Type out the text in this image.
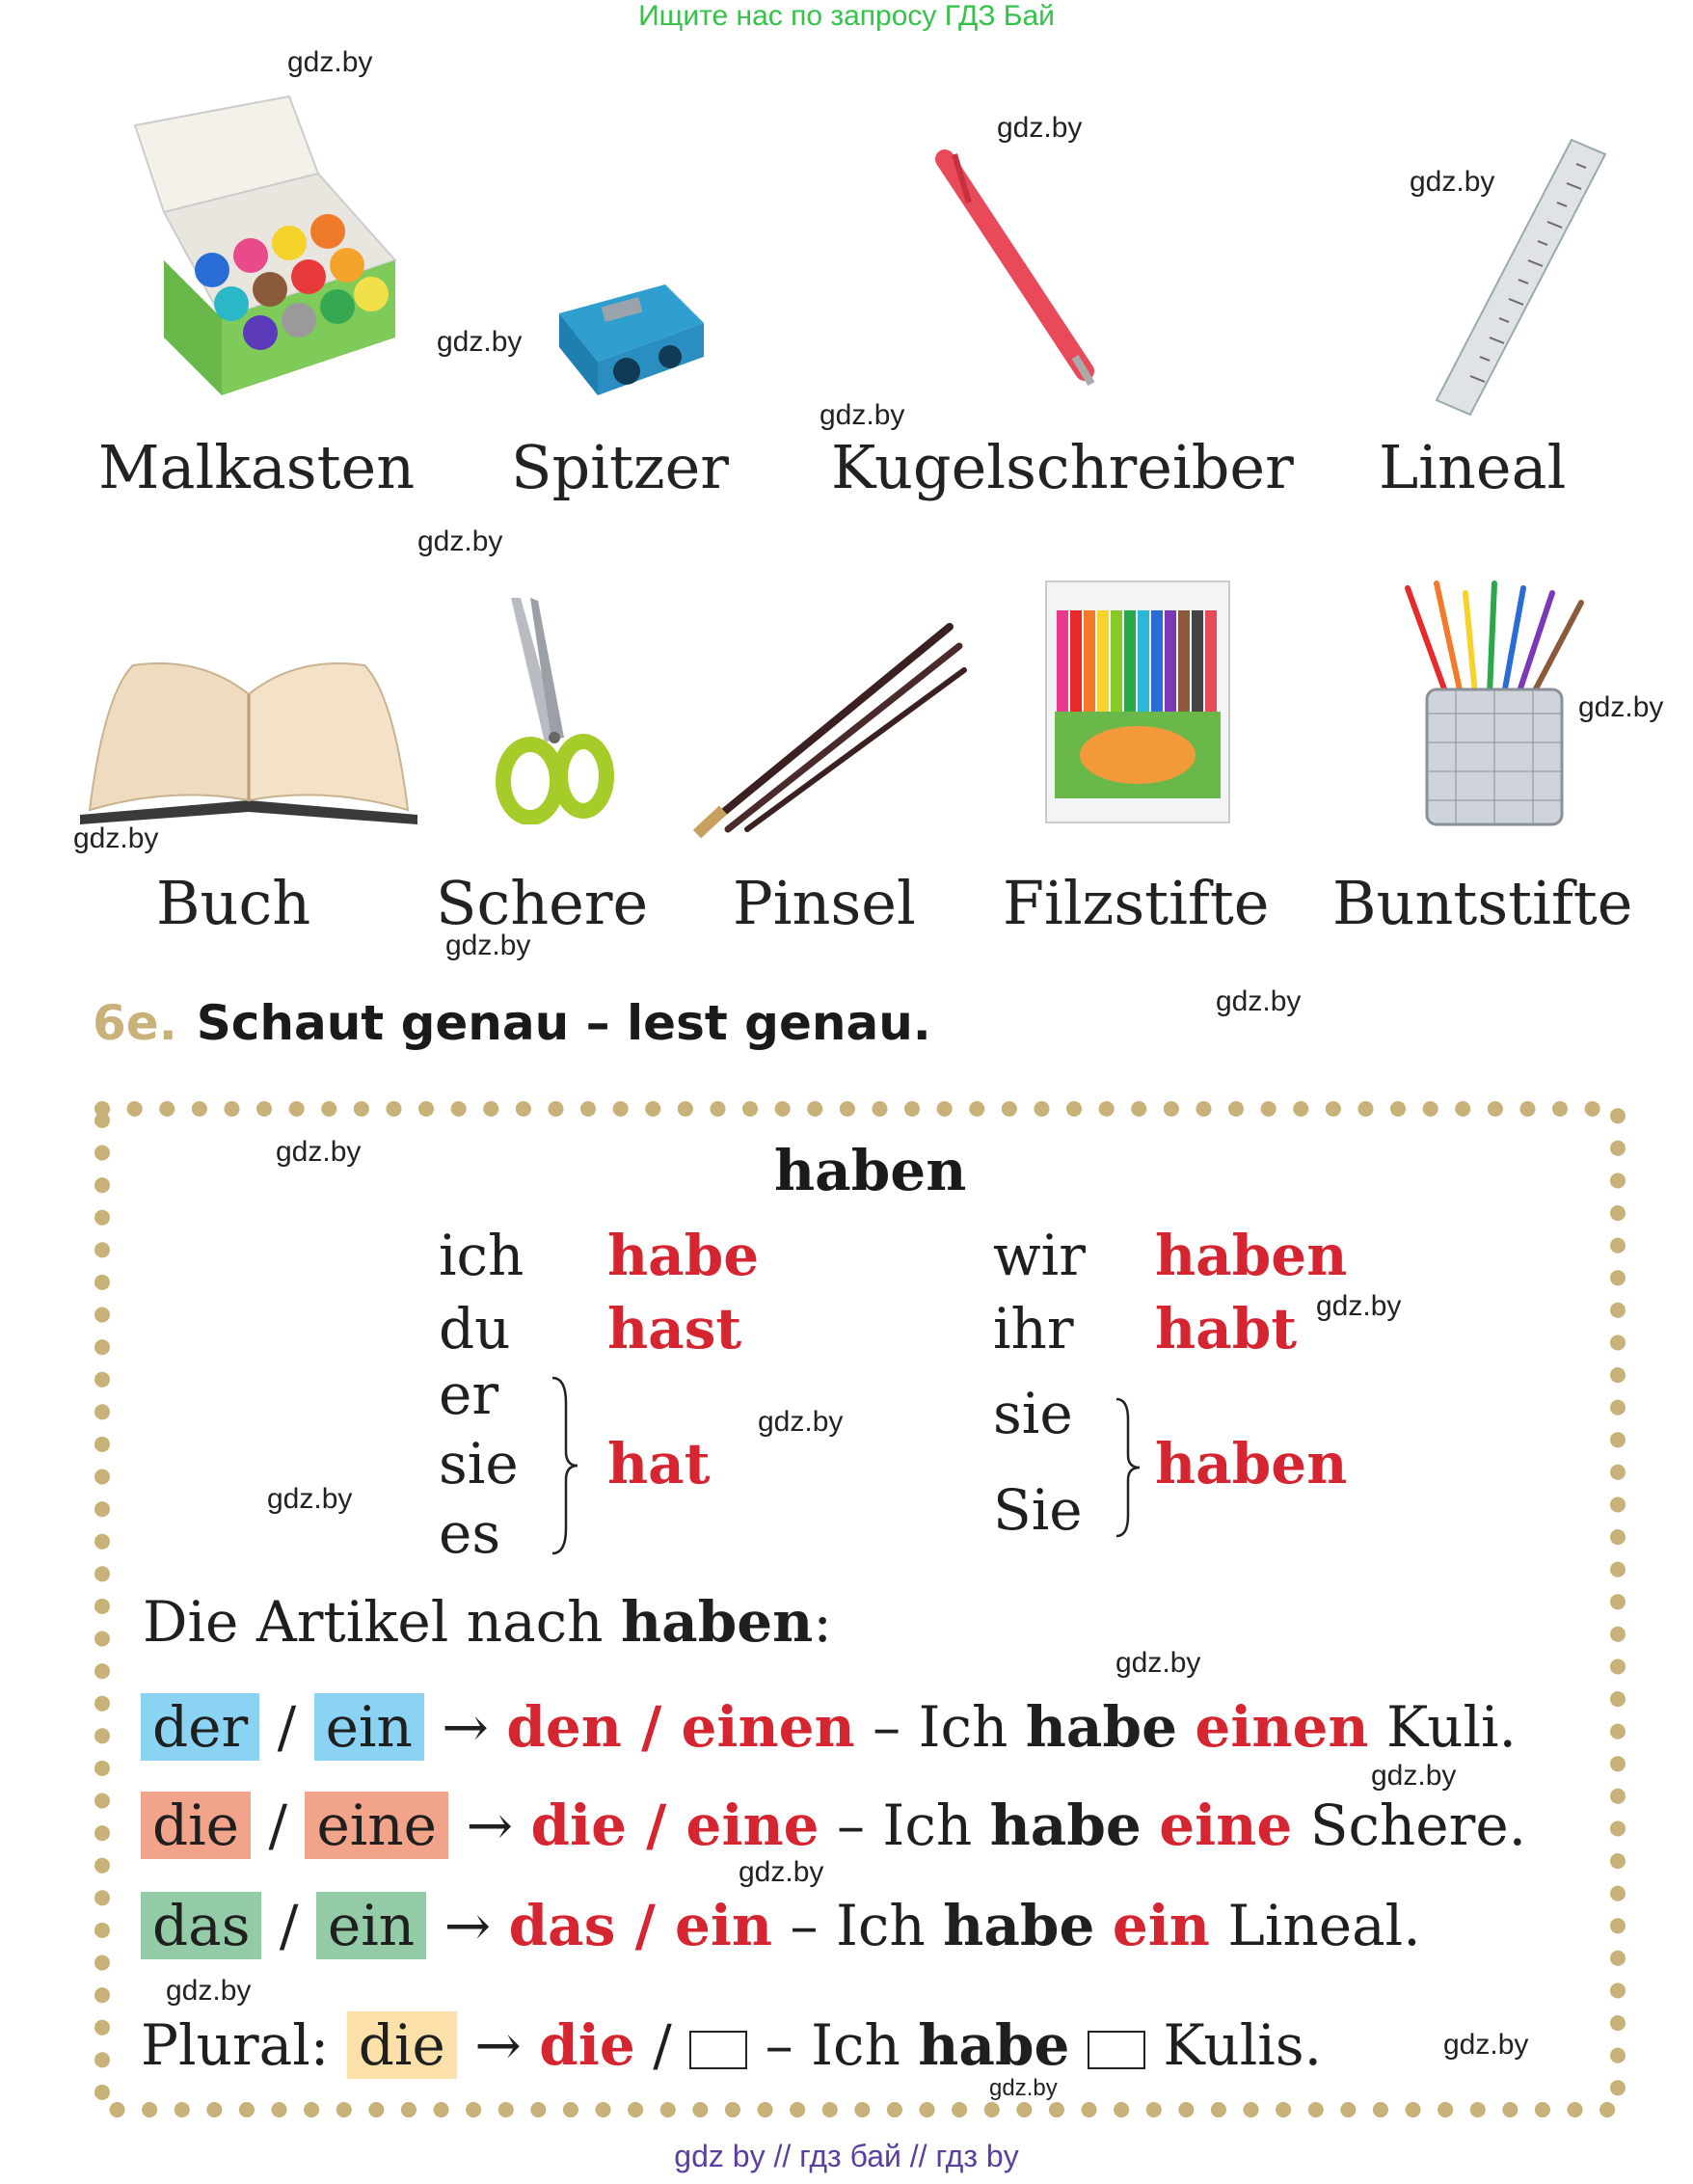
Ищите нас по запросу ГДЗ Бай
Malkasten Spitzer Kugelschreiber Lineal
Buch Schere Pinsel Filzstifte Buntstifte
6e. Schaut genau – lest genau.
haben
ich habe
du hast
er
sie
es
hat
wir haben
ihr habt
sie
Sie
haben
Die Artikel nach haben:
der / ein → den / einen – Ich habe einen Kuli.
die / eine → die / eine – Ich habe eine Schere.
das / ein → das / ein – Ich habe ein Lineal.
Plural: die → die / – Ich habe  Kulis.
gdz.by
gdz.by
gdz.by
gdz.by
gdz.by
gdz.by
gdz.by
gdz.by
gdz.by
gdz.by
gdz.by
gdz.by
gdz.by
gdz.by
gdz.by
gdz.by
gdz.by
gdz.by
gdz.by
gdz.by
gdz by // гдз бай // гдз by
